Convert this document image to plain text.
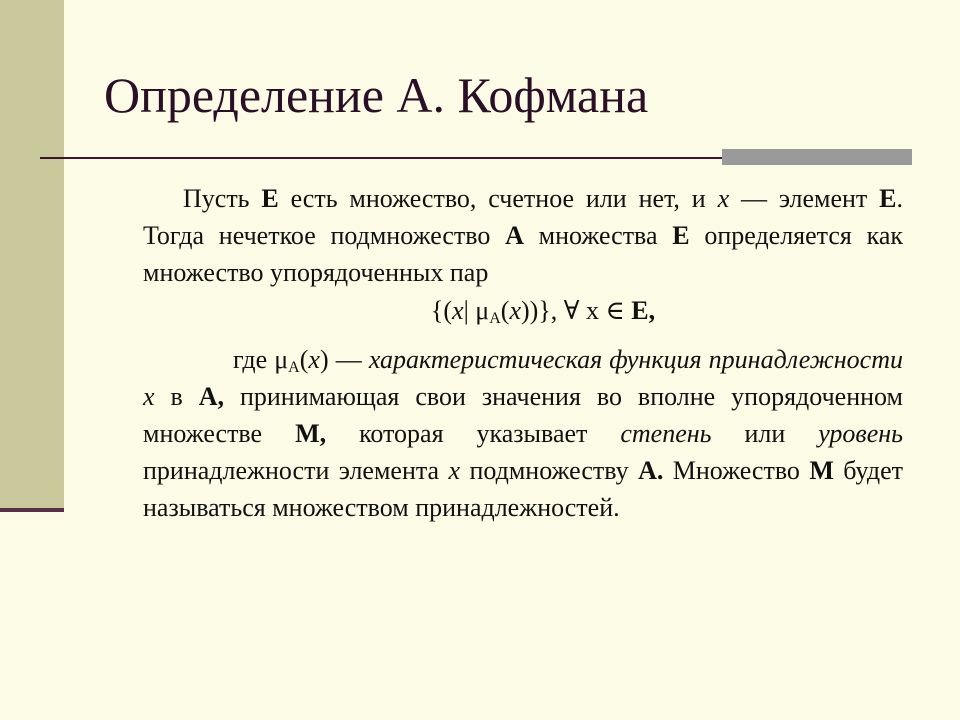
Определение А. Кофмана

Пусть E есть множество, счетное или нет, и x — элемент E. Тогда нечеткое подмножество A множества E определяется как множество упорядоченных пар

{(x| $\mu_A(x)$)}, ∀ x ∈ E,

где $\mu_A(x)$ — характеристическая функция принадлежности x в A, принимающая свои значения во вполне упорядоченном множестве M, которая указывает степень или уровень принадлежности элемента x подмножеству A. Множество M будет называться множеством принадлежностей.
